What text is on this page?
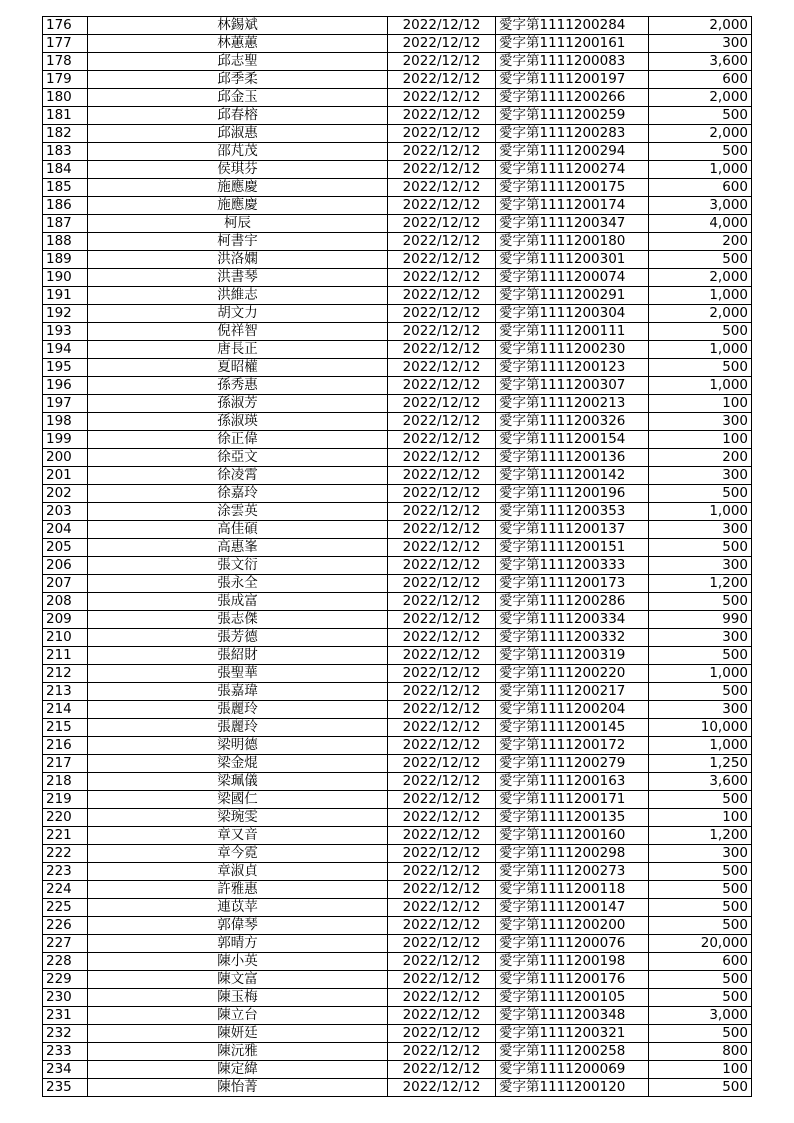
176	林錫斌	2022/12/12	愛字第1111200284	2,000
177	林蕙蕙	2022/12/12	愛字第1111200161	300
178	邱志聖	2022/12/12	愛字第1111200083	3,600
179	邱季柔	2022/12/12	愛字第1111200197	600
180	邱金玉	2022/12/12	愛字第1111200266	2,000
181	邱春榕	2022/12/12	愛字第1111200259	500
182	邱淑惠	2022/12/12	愛字第1111200283	2,000
183	邵芃茂	2022/12/12	愛字第1111200294	500
184	侯琪芬	2022/12/12	愛字第1111200274	1,000
185	施應慶	2022/12/12	愛字第1111200175	600
186	施應慶	2022/12/12	愛字第1111200174	3,000
187	柯辰	2022/12/12	愛字第1111200347	4,000
188	柯書宇	2022/12/12	愛字第1111200180	200
189	洪洛嫻	2022/12/12	愛字第1111200301	500
190	洪書琴	2022/12/12	愛字第1111200074	2,000
191	洪維志	2022/12/12	愛字第1111200291	1,000
192	胡文力	2022/12/12	愛字第1111200304	2,000
193	倪祥智	2022/12/12	愛字第1111200111	500
194	唐長正	2022/12/12	愛字第1111200230	1,000
195	夏昭權	2022/12/12	愛字第1111200123	500
196	孫秀惠	2022/12/12	愛字第1111200307	1,000
197	孫淑芳	2022/12/12	愛字第1111200213	100
198	孫淑瑛	2022/12/12	愛字第1111200326	300
199	徐正偉	2022/12/12	愛字第1111200154	100
200	徐亞文	2022/12/12	愛字第1111200136	200
201	徐凌霄	2022/12/12	愛字第1111200142	300
202	徐嘉玲	2022/12/12	愛字第1111200196	500
203	涂雲英	2022/12/12	愛字第1111200353	1,000
204	高佳碩	2022/12/12	愛字第1111200137	300
205	高惠峯	2022/12/12	愛字第1111200151	500
206	張文衍	2022/12/12	愛字第1111200333	300
207	張永全	2022/12/12	愛字第1111200173	1,200
208	張成富	2022/12/12	愛字第1111200286	500
209	張志傑	2022/12/12	愛字第1111200334	990
210	張芳德	2022/12/12	愛字第1111200332	300
211	張紹財	2022/12/12	愛字第1111200319	500
212	張聖華	2022/12/12	愛字第1111200220	1,000
213	張嘉瑋	2022/12/12	愛字第1111200217	500
214	張麗玲	2022/12/12	愛字第1111200204	300
215	張麗玲	2022/12/12	愛字第1111200145	10,000
216	梁明德	2022/12/12	愛字第1111200172	1,000
217	梁金焜	2022/12/12	愛字第1111200279	1,250
218	梁珮儀	2022/12/12	愛字第1111200163	3,600
219	梁國仁	2022/12/12	愛字第1111200171	500
220	梁琬雯	2022/12/12	愛字第1111200135	100
221	章又音	2022/12/12	愛字第1111200160	1,200
222	章今霓	2022/12/12	愛字第1111200298	300
223	章淑貞	2022/12/12	愛字第1111200273	500
224	許雅惠	2022/12/12	愛字第1111200118	500
225	連苡苹	2022/12/12	愛字第1111200147	500
226	郭偉琴	2022/12/12	愛字第1111200200	500
227	郭晴方	2022/12/12	愛字第1111200076	20,000
228	陳小英	2022/12/12	愛字第1111200198	600
229	陳文富	2022/12/12	愛字第1111200176	500
230	陳玉梅	2022/12/12	愛字第1111200105	500
231	陳立台	2022/12/12	愛字第1111200348	3,000
232	陳妍廷	2022/12/12	愛字第1111200321	500
233	陳沅雅	2022/12/12	愛字第1111200258	800
234	陳定緯	2022/12/12	愛字第1111200069	100
235	陳怡菁	2022/12/12	愛字第1111200120	500
